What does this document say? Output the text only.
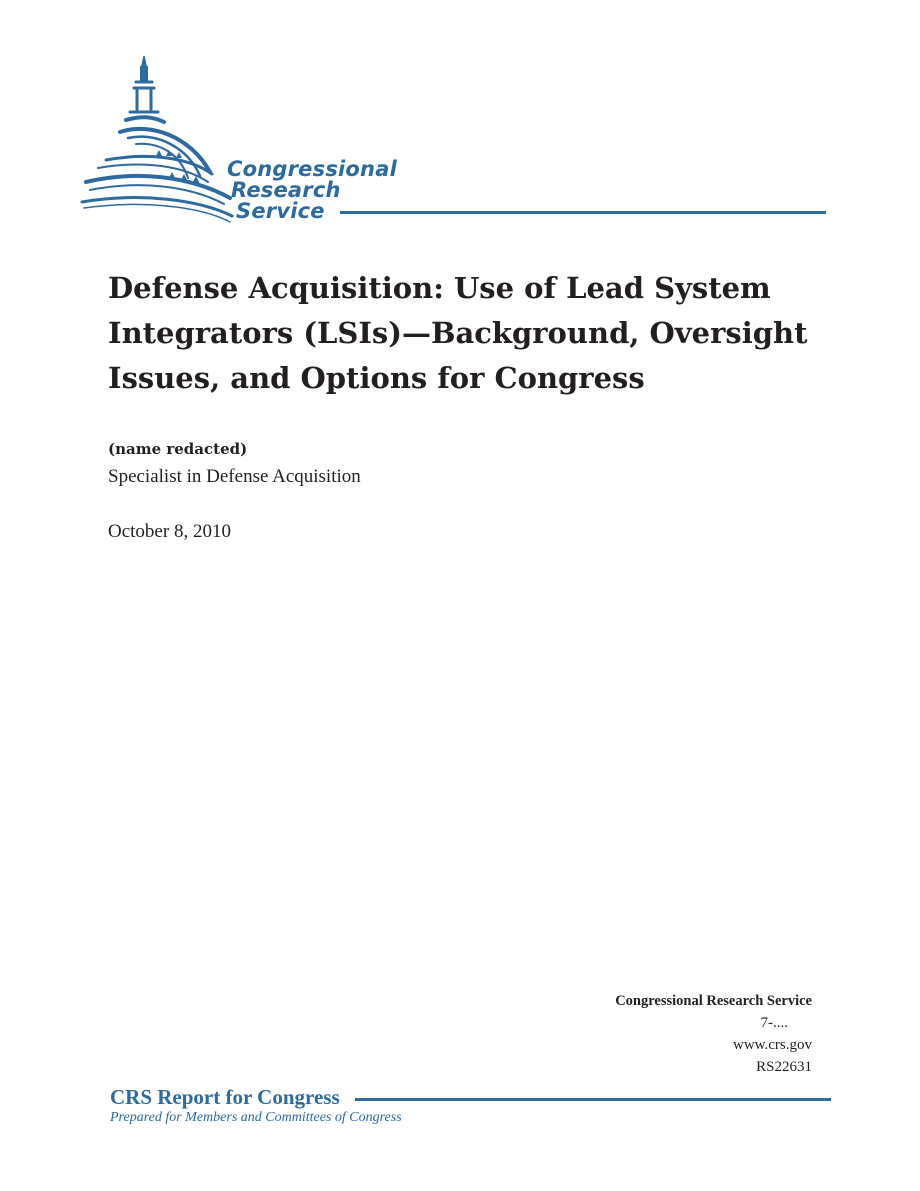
Congressional
Research
Service
Defense Acquisition: Use of Lead System Integrators (LSIs)—Background, Oversight Issues, and Options for Congress
(name redacted)
Specialist in Defense Acquisition
October 8, 2010
Congressional Research Service
7-....
www.crs.gov
RS22631
CRS Report for Congress
Prepared for Members and Committees of Congress
